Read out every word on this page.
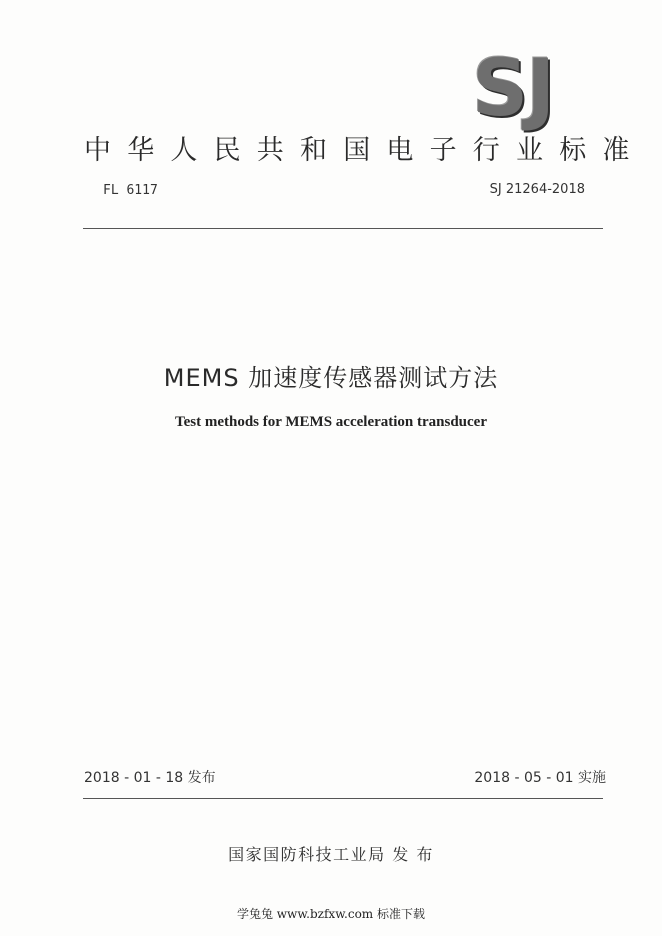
SJ
中华人民共和国电子行业标准
FL 6117	SJ 21264-2018
MEMS 加速度传感器测试方法
Test methods for MEMS acceleration transducer
2018 - 01 - 18 发布	2018 - 05 - 01 实施
国家国防科技工业局 发 布
学兔兔 www.bzfxw.com 标准下载
